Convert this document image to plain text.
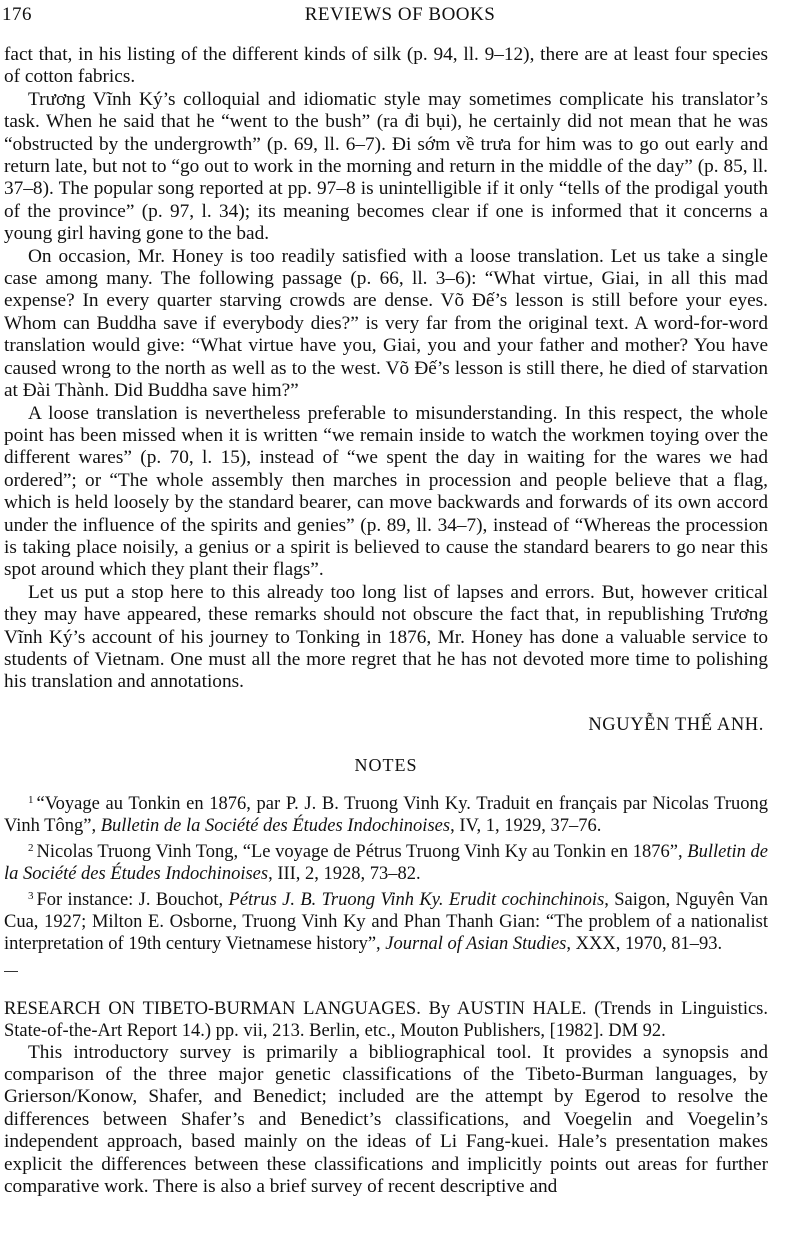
176	REVIEWS OF BOOKS

fact that, in his listing of the different kinds of silk (p. 94, ll. 9–12), there are at least four species of cotton fabrics.

Trương Vĩnh Ký’s colloquial and idiomatic style may sometimes complicate his translator’s task. When he said that he “went to the bush” (ra đi bụi), he certainly did not mean that he was “obstructed by the undergrowth” (p. 69, ll. 6–7). Đi sớm về trưa for him was to go out early and return late, but not to “go out to work in the morning and return in the middle of the day” (p. 85, ll. 37–8). The popular song reported at pp. 97–8 is unintelligible if it only “tells of the prodigal youth of the province” (p. 97, l. 34); its meaning becomes clear if one is informed that it concerns a young girl having gone to the bad.

On occasion, Mr. Honey is too readily satisfied with a loose translation. Let us take a single case among many. The following passage (p. 66, ll. 3–6): “What virtue, Giai, in all this mad expense? In every quarter starving crowds are dense. Võ Đế’s lesson is still before your eyes. Whom can Buddha save if everybody dies?” is very far from the original text. A word-for-word translation would give: “What virtue have you, Giai, you and your father and mother? You have caused wrong to the north as well as to the west. Võ Đế’s lesson is still there, he died of starvation at Đài Thành. Did Buddha save him?”

A loose translation is nevertheless preferable to misunderstanding. In this respect, the whole point has been missed when it is written “we remain inside to watch the workmen toying over the different wares” (p. 70, l. 15), instead of “we spent the day in waiting for the wares we had ordered”; or “The whole assembly then marches in procession and people believe that a flag, which is held loosely by the standard bearer, can move backwards and forwards of its own accord under the influence of the spirits and genies” (p. 89, ll. 34–7), instead of “Whereas the procession is taking place noisily, a genius or a spirit is believed to cause the standard bearers to go near this spot around which they plant their flags”.

Let us put a stop here to this already too long list of lapses and errors. But, however critical they may have appeared, these remarks should not obscure the fact that, in republishing Trương Vĩnh Ký’s account of his journey to Tonking in 1876, Mr. Honey has done a valuable service to students of Vietnam. One must all the more regret that he has not devoted more time to polishing his translation and annotations.

NGUYỄN THẾ ANH.
NOTES

$^1$ “Voyage au Tonkin en 1876, par P. J. B. Truong Vinh Ky. Traduit en français par Nicolas Truong Vinh Tông”, Bulletin de la Société des Études Indochinoises, IV, 1, 1929, 37–76.

$^2$ Nicolas Truong Vinh Tong, “Le voyage de Pétrus Truong Vinh Ky au Tonkin en 1876”, Bulletin de la Société des Études Indochinoises, III, 2, 1928, 73–82.

$^3$ For instance: J. Bouchot, Pétrus J. B. Truong Vinh Ky. Erudit cochinchinois, Saigon, Nguyên Van Cua, 1927; Milton E. Osborne, Truong Vinh Ky and Phan Thanh Gian: “The problem of a nationalist interpretation of 19th century Vietnamese history”, Journal of Asian Studies, XXX, 1970, 81–93.

RESEARCH ON TIBETO-BURMAN LANGUAGES. By AUSTIN HALE. (Trends in Linguistics. State-of-the-Art Report 14.) pp. vii, 213. Berlin, etc., Mouton Publishers, [1982]. DM 92.

This introductory survey is primarily a bibliographical tool. It provides a synopsis and comparison of the three major genetic classifications of the Tibeto-Burman languages, by Grierson/Konow, Shafer, and Benedict; included are the attempt by Egerod to resolve the differences between Shafer’s and Benedict’s classifications, and Voegelin and Voegelin’s independent approach, based mainly on the ideas of Li Fang-kuei. Hale’s presentation makes explicit the differences between these classifications and implicitly points out areas for further comparative work. There is also a brief survey of recent descriptive and
